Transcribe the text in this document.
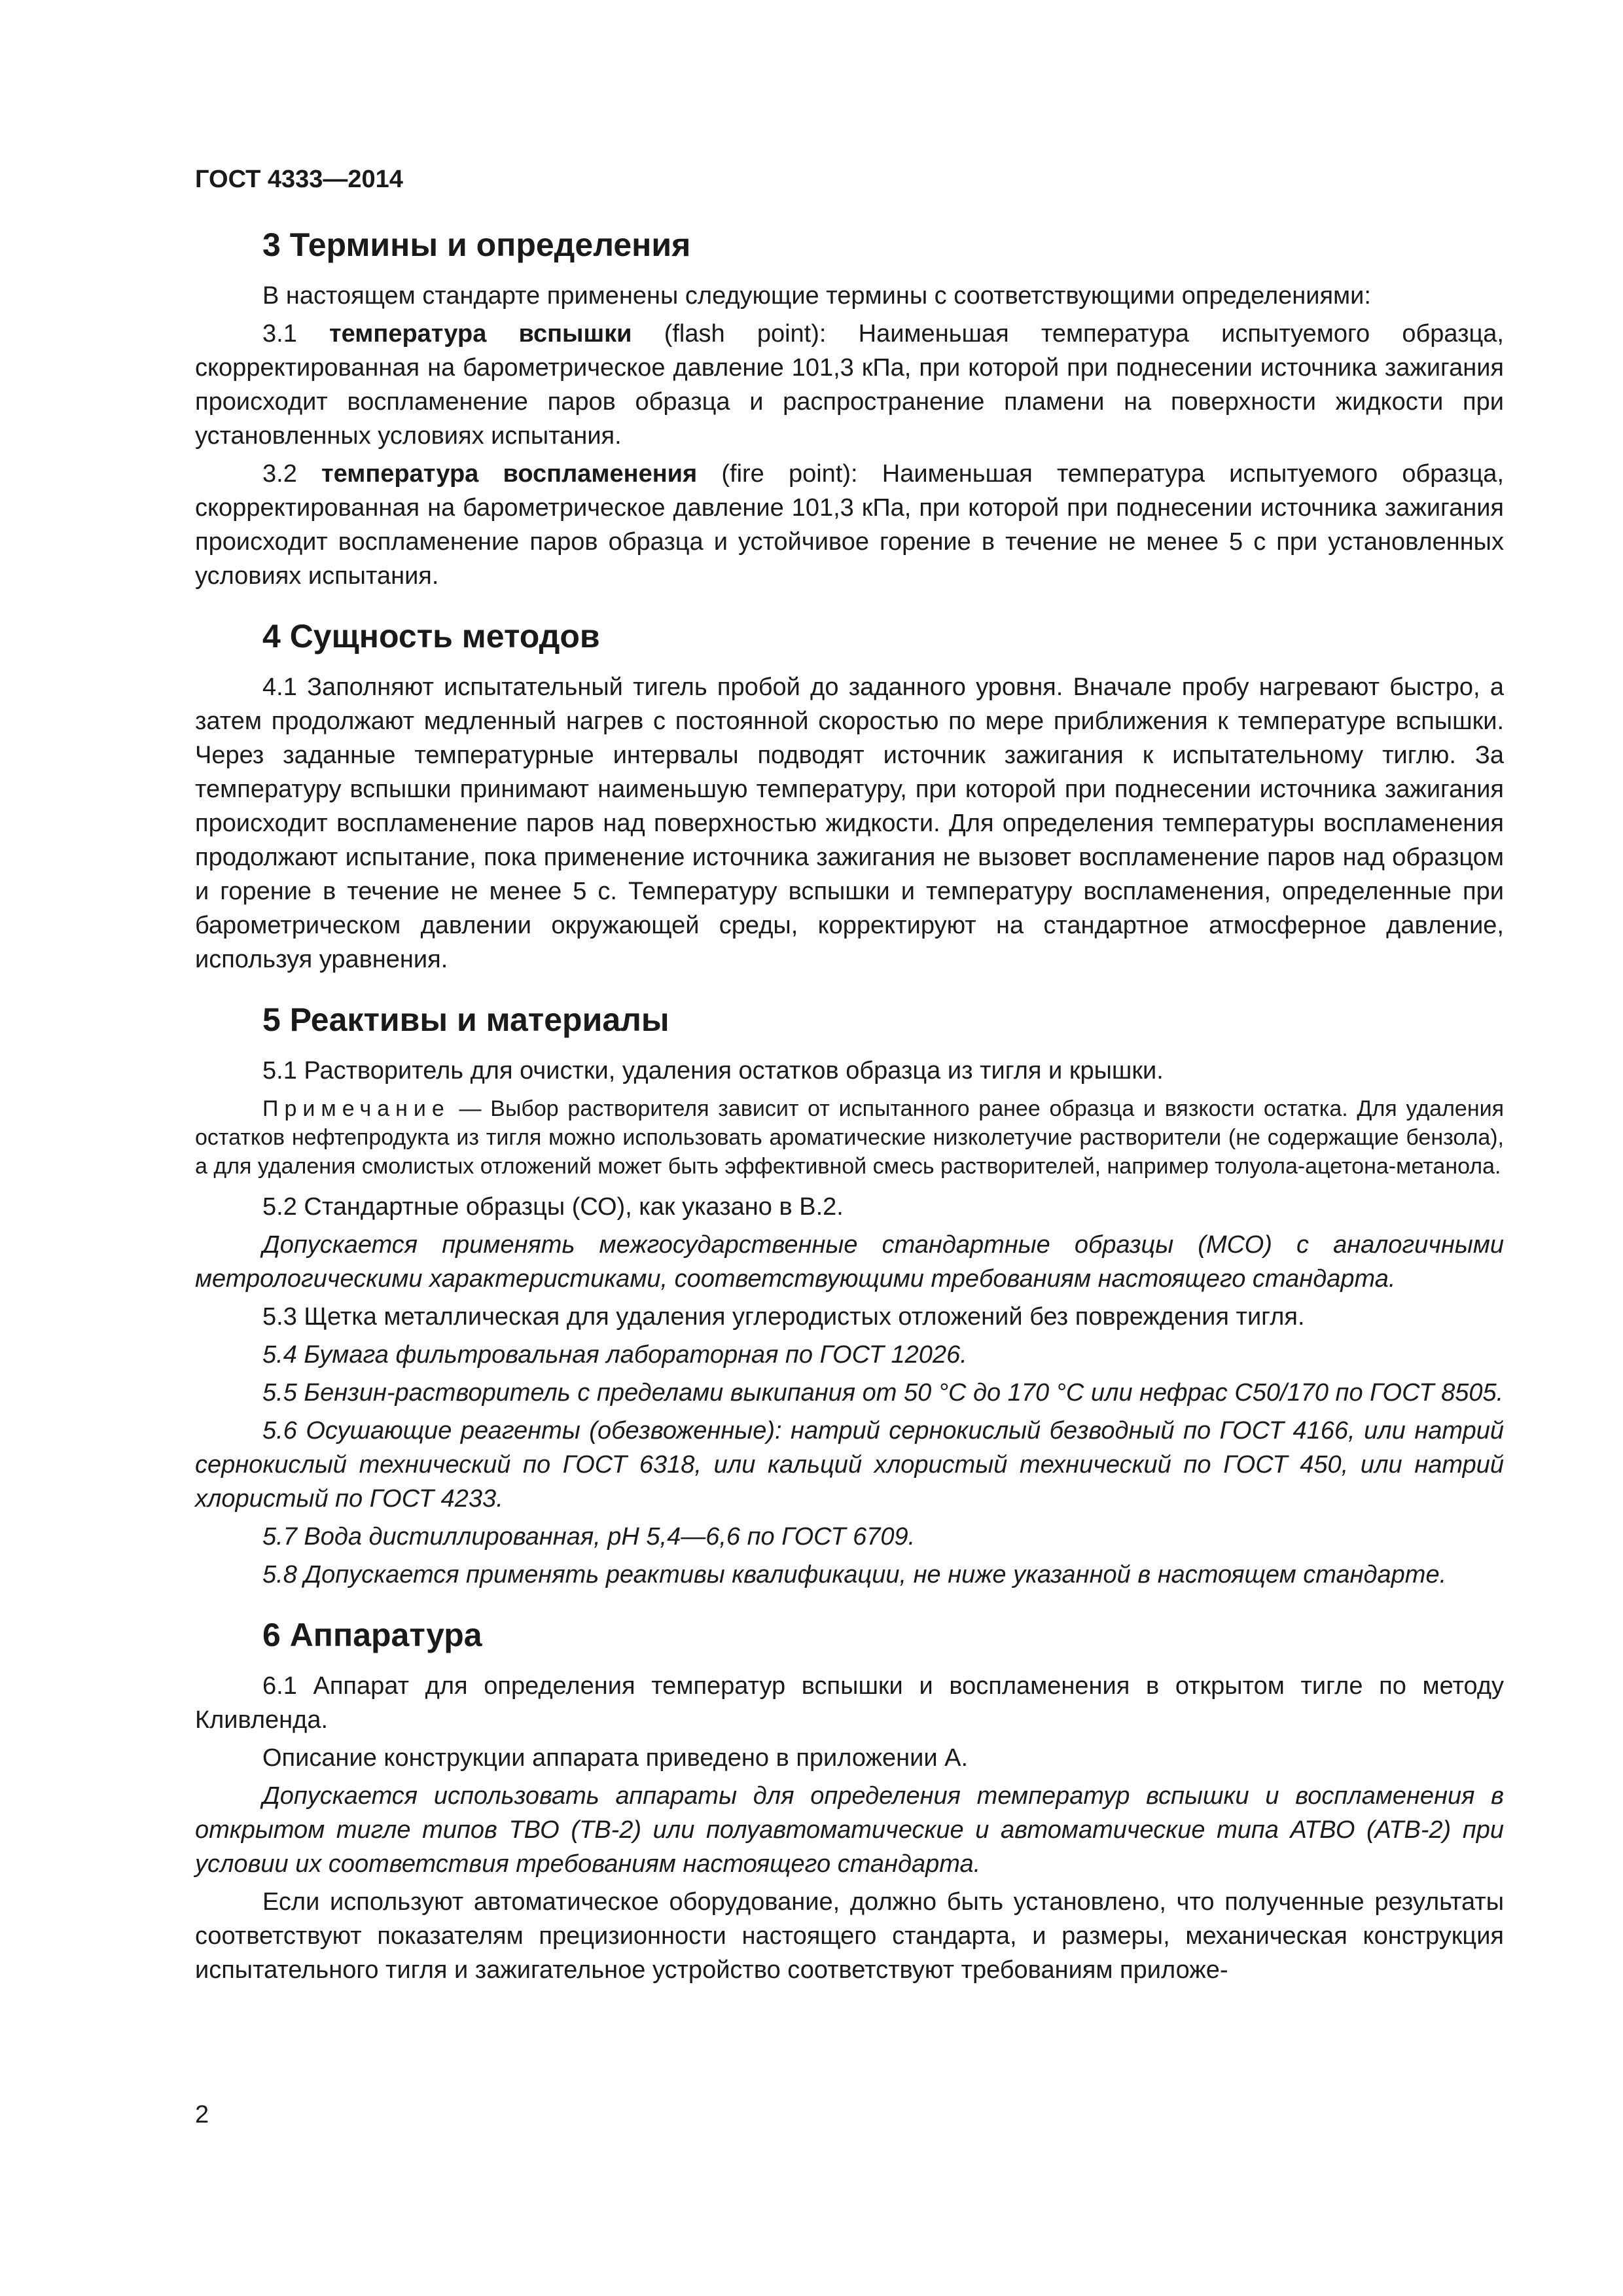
ГОСТ 4333—2014
3 Термины и определения

В настоящем стандарте применены следующие термины с соответствующими определениями:

3.1 температура вспышки (flash point): Наименьшая температура испытуемого образца, скорректированная на барометрическое давление 101,3 кПа, при которой при поднесении источника зажигания происходит воспламенение паров образца и распространение пламени на поверхности жидкости при установленных условиях испытания.

3.2 температура воспламенения (fire point): Наименьшая температура испытуемого образца, скорректированная на барометрическое давление 101,3 кПа, при которой при поднесении источника зажигания происходит воспламенение паров образца и устойчивое горение в течение не менее 5 с при установленных условиях испытания.

4 Сущность методов

4.1 Заполняют испытательный тигель пробой до заданного уровня. Вначале пробу нагревают быстро, а затем продолжают медленный нагрев с постоянной скоростью по мере приближения к температуре вспышки. Через заданные температурные интервалы подводят источник зажигания к испытательному тиглю. За температуру вспышки принимают наименьшую температуру, при которой при поднесении источника зажигания происходит воспламенение паров над поверхностью жидкости. Для определения температуры воспламенения продолжают испытание, пока применение источника зажигания не вызовет воспламенение паров над образцом и горение в течение не менее 5 с. Температуру вспышки и температуру воспламенения, определенные при барометрическом давлении окружающей среды, корректируют на стандартное атмосферное давление, используя уравнения.

5 Реактивы и материалы

5.1 Растворитель для очистки, удаления остатков образца из тигля и крышки.

Примечание — Выбор растворителя зависит от испытанного ранее образца и вязкости остатка. Для удаления остатков нефтепродукта из тигля можно использовать ароматические низколетучие растворители (не содержащие бензола), а для удаления смолистых отложений может быть эффективной смесь растворителей, например толуола-ацетона-метанола.

5.2 Стандартные образцы (СО), как указано в В.2.

Допускается применять межгосударственные стандартные образцы (МСО) с аналогичными метрологическими характеристиками, соответствующими требованиям настоящего стандарта.

5.3 Щетка металлическая для удаления углеродистых отложений без повреждения тигля.

5.4 Бумага фильтровальная лабораторная по ГОСТ 12026.

5.5 Бензин-растворитель с пределами выкипания от 50 °С до 170 °С или нефрас С50/170 по ГОСТ 8505.

5.6 Осушающие реагенты (обезвоженные): натрий сернокислый безводный по ГОСТ 4166, или натрий сернокислый технический по ГОСТ 6318, или кальций хлористый технический по ГОСТ 450, или натрий хлористый по ГОСТ 4233.

5.7 Вода дистиллированная, рН 5,4—6,6 по ГОСТ 6709.

5.8 Допускается применять реактивы квалификации, не ниже указанной в настоящем стандарте.

6 Аппаратура

6.1 Аппарат для определения температур вспышки и воспламенения в открытом тигле по методу Кливленда.

Описание конструкции аппарата приведено в приложении А.

Допускается использовать аппараты для определения температур вспышки и воспламенения в открытом тигле типов ТВО (ТВ-2) или полуавтоматические и автоматические типа АТВО (АТВ-2) при условии их соответствия требованиям настоящего стандарта.

Если используют автоматическое оборудование, должно быть установлено, что полученные результаты соответствуют показателям прецизионности настоящего стандарта, и размеры, механическая конструкция испытательного тигля и зажигательное устройство соответствуют требованиям приложе-

2
